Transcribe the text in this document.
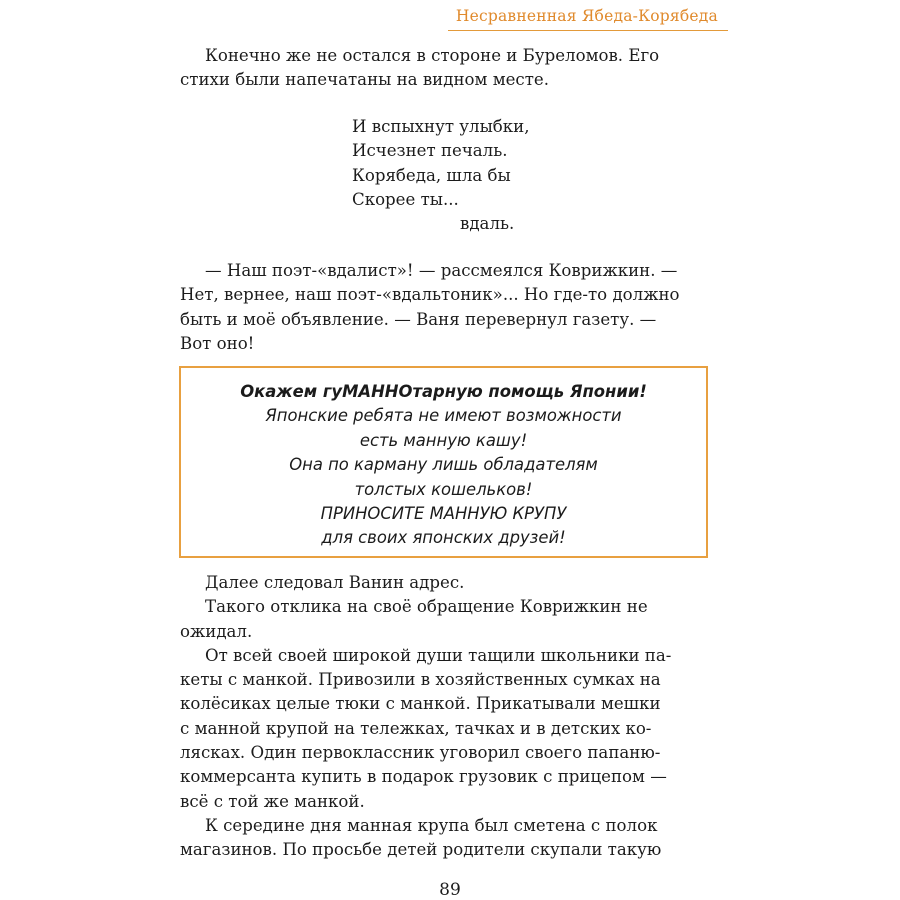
Несравненная Ябеда-Корябеда

Конечно же не остался в стороне и Буреломов. Его

стихи были напечатаны на видном месте.

И вспыхнут улыбки,
Исчезнет печаль.
Корябеда, шла бы
Скорее ты...
вдаль.

— Наш поэт-«вдалист»! — рассмеялся Коврижкин. —

Нет, вернее, наш поэт-«вдальтоник»... Но где-то должно

быть и моё объявление. — Ваня перевернул газету. —

Вот оно!

Окажем гуМАННОтарную помощь Японии!
Японские ребята не имеют возможности
есть манную кашу!
Она по карману лишь обладателям
толстых кошельков!
ПРИНОСИТЕ МАННУЮ КРУПУ
для своих японских друзей!

Далее следовал Ванин адрес.

Такого отклика на своё обращение Коврижкин не

ожидал.

От всей своей широкой души тащили школьники па-

кеты с манкой. Привозили в хозяйственных сумках на

колёсиках целые тюки с манкой. Прикатывали мешки

с манной крупой на тележках, тачках и в детских ко-

лясках. Один первоклассник уговорил своего папаню-

коммерсанта купить в подарок грузовик с прицепом —

всё с той же манкой.

К середине дня манная крупа был сметена с полок

магазинов. По просьбе детей родители скупали такую

89
